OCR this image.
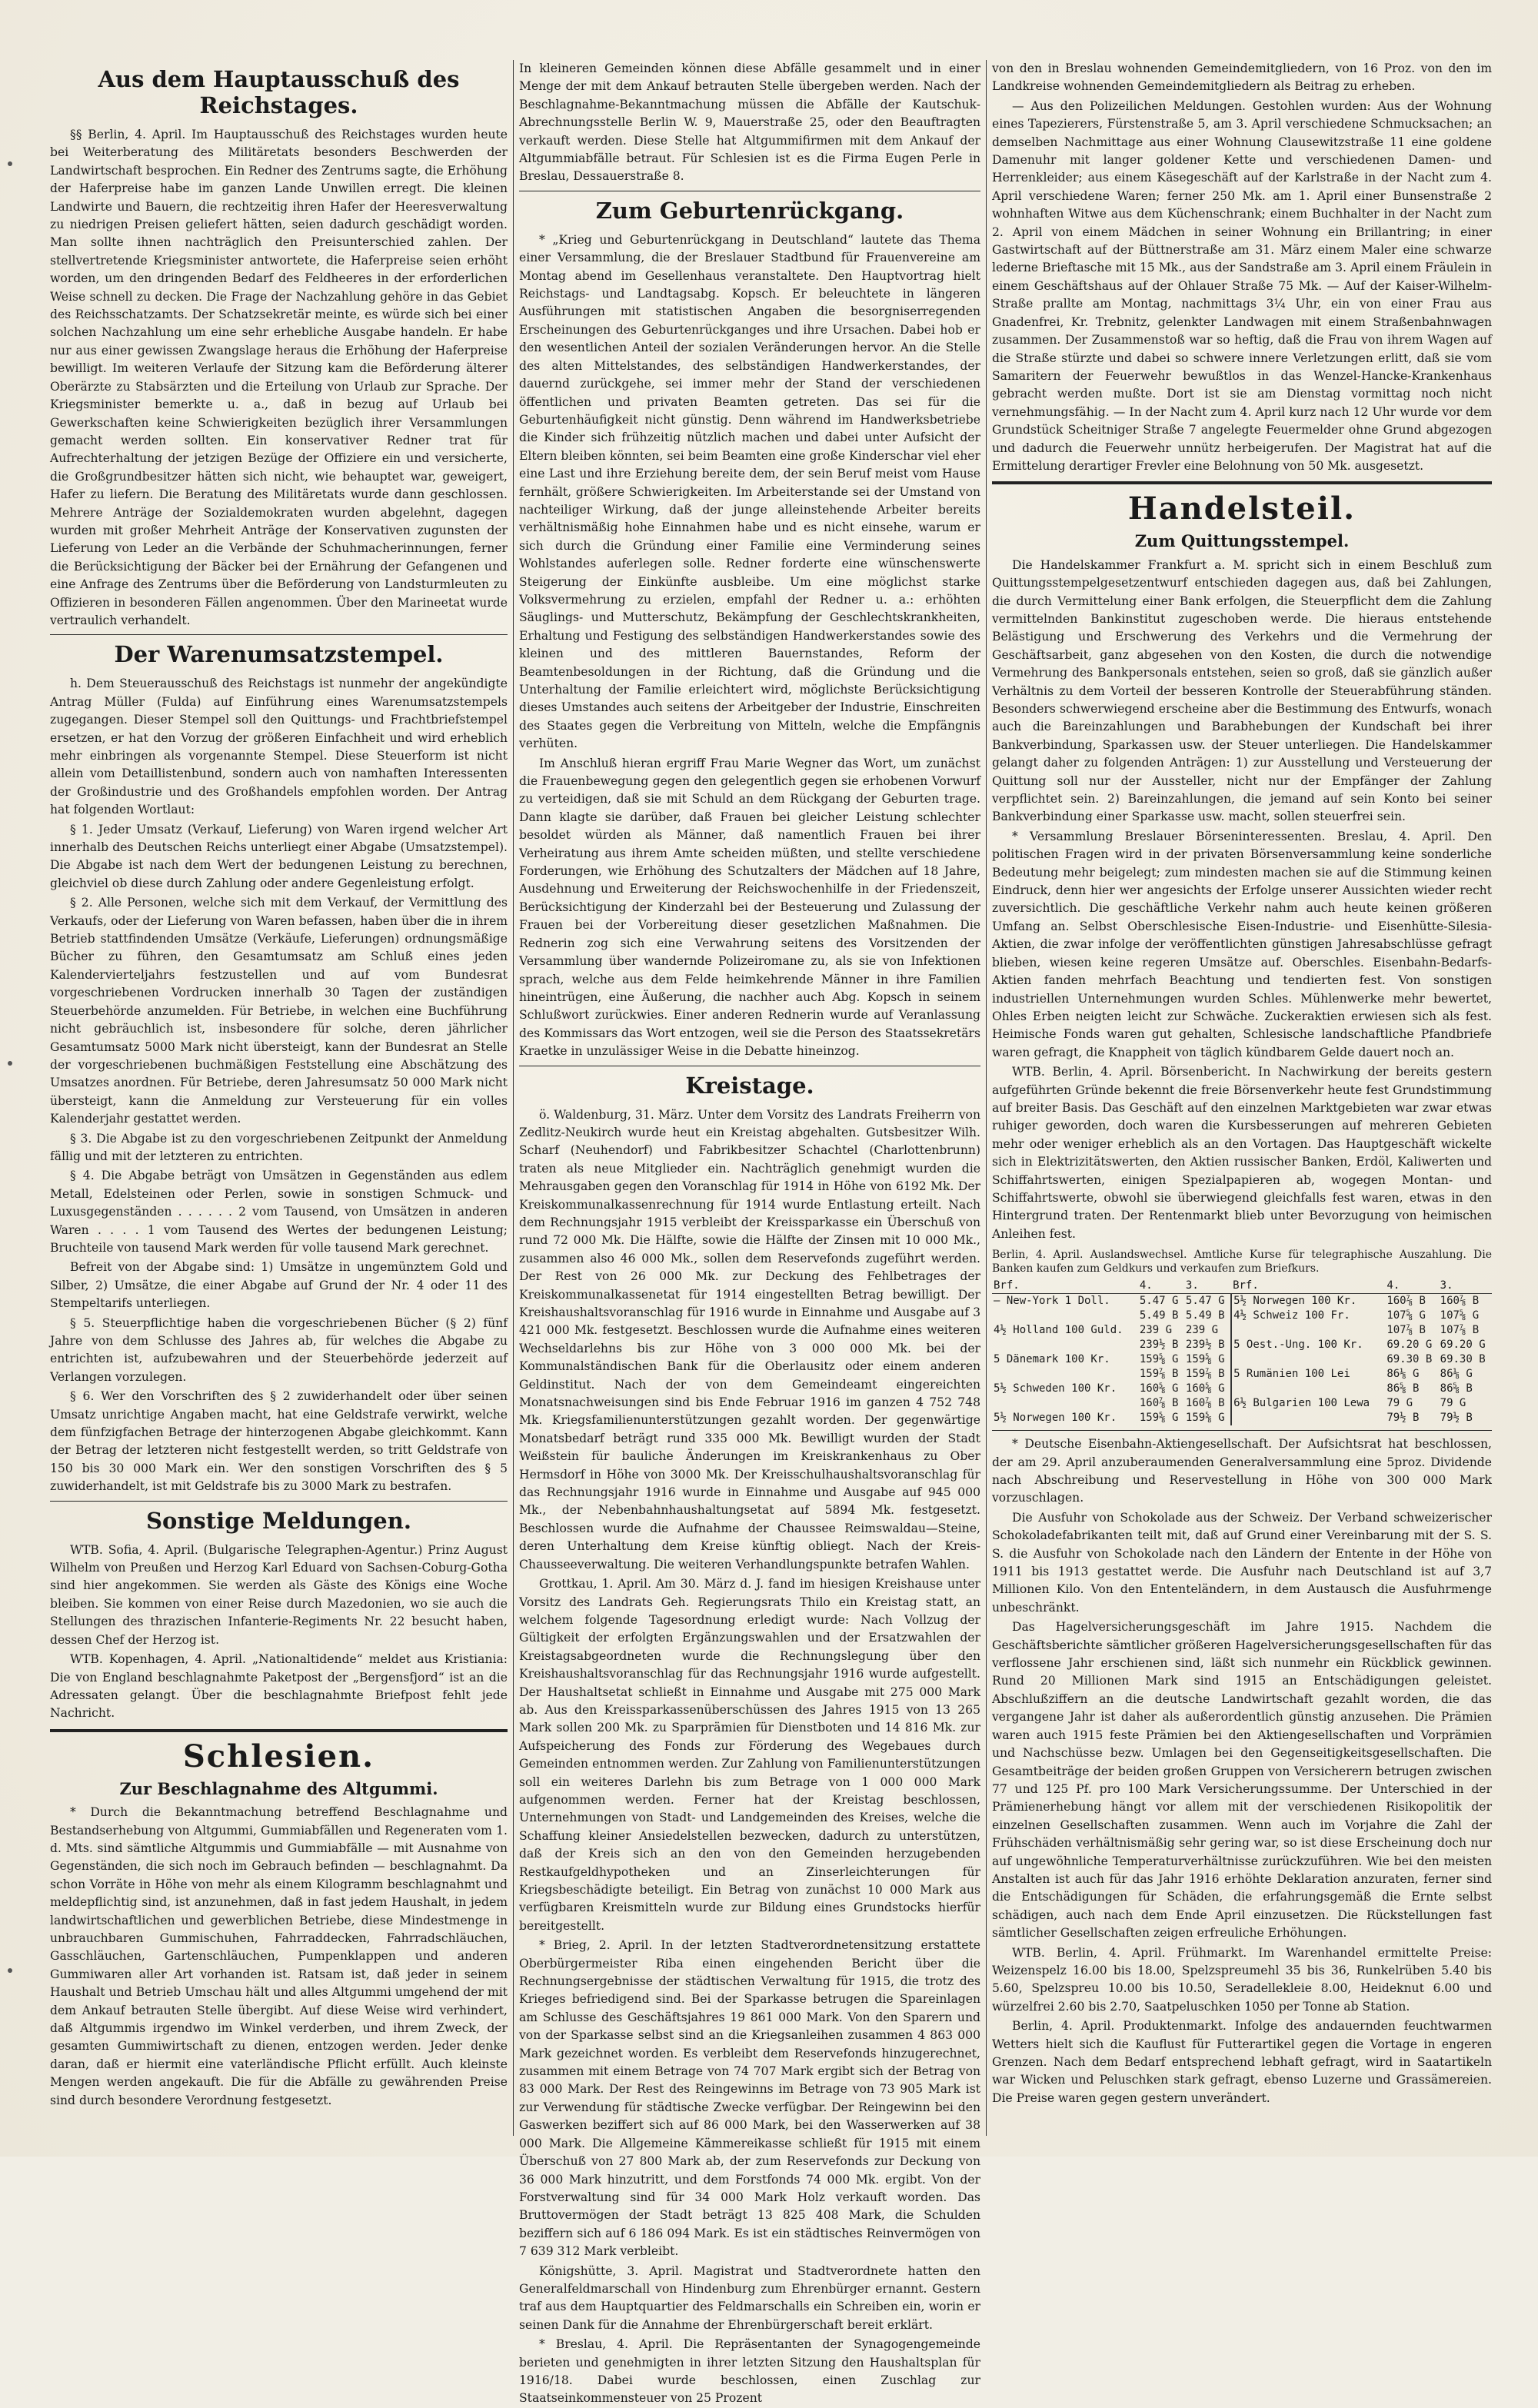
Aus dem Hauptausschuß des Reichstages.

§§ Berlin, 4. April. Im Hauptausschuß des Reichstages wurden heute bei Weiterberatung des Militäretats besonders Beschwerden der Landwirtschaft besprochen. Ein Redner des Zentrums sagte, die Erhöhung der Haferpreise habe im ganzen Lande Unwillen erregt. Die kleinen Landwirte und Bauern, die rechtzeitig ihren Hafer der Heeresverwaltung zu niedrigen Preisen geliefert hätten, seien dadurch geschädigt worden. Man sollte ihnen nachträglich den Preisunterschied zahlen. Der stellvertretende Kriegsminister antwortete, die Haferpreise seien erhöht worden, um den dringenden Bedarf des Feldheeres in der erforderlichen Weise schnell zu decken. Die Frage der Nachzahlung gehöre in das Gebiet des Reichsschatzamts. Der Schatzsekretär meinte, es würde sich bei einer solchen Nachzahlung um eine sehr erhebliche Ausgabe handeln. Er habe nur aus einer gewissen Zwangslage heraus die Erhöhung der Haferpreise bewilligt. Im weiteren Verlaufe der Sitzung kam die Beförderung älterer Oberärzte zu Stabsärzten und die Erteilung von Urlaub zur Sprache. Der Kriegsminister bemerkte u. a., daß in bezug auf Urlaub bei Gewerkschaften keine Schwierigkeiten bezüglich ihrer Versammlungen gemacht werden sollten. Ein konservativer Redner trat für Aufrechterhaltung der jetzigen Bezüge der Offiziere ein und versicherte, die Großgrundbesitzer hätten sich nicht, wie behauptet war, geweigert, Hafer zu liefern. Die Beratung des Militäretats wurde dann geschlossen. Mehrere Anträge der Sozialdemokraten wurden abgelehnt, dagegen wurden mit großer Mehrheit Anträge der Konservativen zugunsten der Lieferung von Leder an die Verbände der Schuhmacherinnungen, ferner die Berücksichtigung der Bäcker bei der Ernährung der Gefangenen und eine Anfrage des Zentrums über die Beförderung von Landsturmleuten zu Offizieren in besonderen Fällen angenommen. Über den Marineetat wurde vertraulich verhandelt.

Der Warenumsatzstempel.

h. Dem Steuerausschuß des Reichstags ist nunmehr der angekündigte Antrag Müller (Fulda) auf Einführung eines Warenumsatzstempels zugegangen. Dieser Stempel soll den Quittungs- und Frachtbriefstempel ersetzen, er hat den Vorzug der größeren Einfachheit und wird erheblich mehr einbringen als vorgenannte Stempel. Diese Steuerform ist nicht allein vom Detaillistenbund, sondern auch von namhaften Interessenten der Großindustrie und des Großhandels empfohlen worden. Der Antrag hat folgenden Wortlaut:

§ 1. Jeder Umsatz (Verkauf, Lieferung) von Waren irgend welcher Art innerhalb des Deutschen Reichs unterliegt einer Abgabe (Umsatzstempel). Die Abgabe ist nach dem Wert der bedungenen Leistung zu berechnen, gleichviel ob diese durch Zahlung oder andere Gegenleistung erfolgt.

§ 2. Alle Personen, welche sich mit dem Verkauf, der Vermittlung des Verkaufs, oder der Lieferung von Waren befassen, haben über die in ihrem Betrieb stattfindenden Umsätze (Verkäufe, Lieferungen) ordnungsmäßige Bücher zu führen, den Gesamtumsatz am Schluß eines jeden Kalendervierteljahrs festzustellen und auf vom Bundesrat vorgeschriebenen Vordrucken innerhalb 30 Tagen der zuständigen Steuerbehörde anzumelden. Für Betriebe, in welchen eine Buchführung nicht gebräuchlich ist, insbesondere für solche, deren jährlicher Gesamtumsatz 5000 Mark nicht übersteigt, kann der Bundesrat an Stelle der vorgeschriebenen buchmäßigen Feststellung eine Abschätzung des Umsatzes anordnen. Für Betriebe, deren Jahresumsatz 50 000 Mark nicht übersteigt, kann die Anmeldung zur Versteuerung für ein volles Kalenderjahr gestattet werden.

§ 3. Die Abgabe ist zu den vorgeschriebenen Zeitpunkt der Anmeldung fällig und mit der letzteren zu entrichten.

§ 4. Die Abgabe beträgt von Umsätzen in Gegenständen aus edlem Metall, Edelsteinen oder Perlen, sowie in sonstigen Schmuck- und Luxusgegenständen . . . . . . 2 vom Tausend, von Umsätzen in anderen Waren . . . . 1 vom Tausend des Wertes der bedungenen Leistung; Bruchteile von tausend Mark werden für volle tausend Mark gerechnet.

Befreit von der Abgabe sind: 1) Umsätze in ungemünztem Gold und Silber, 2) Umsätze, die einer Abgabe auf Grund der Nr. 4 oder 11 des Stempeltarifs unterliegen.

§ 5. Steuerpflichtige haben die vorgeschriebenen Bücher (§ 2) fünf Jahre von dem Schlusse des Jahres ab, für welches die Abgabe zu entrichten ist, aufzubewahren und der Steuerbehörde jederzeit auf Verlangen vorzulegen.

§ 6. Wer den Vorschriften des § 2 zuwiderhandelt oder über seinen Umsatz unrichtige Angaben macht, hat eine Geldstrafe verwirkt, welche dem fünfzigfachen Betrage der hinterzogenen Abgabe gleichkommt. Kann der Betrag der letzteren nicht festgestellt werden, so tritt Geldstrafe von 150 bis 30 000 Mark ein. Wer den sonstigen Vorschriften des § 5 zuwiderhandelt, ist mit Geldstrafe bis zu 3000 Mark zu bestrafen.

Sonstige Meldungen.

WTB. Sofia, 4. April. (Bulgarische Telegraphen-Agentur.) Prinz August Wilhelm von Preußen und Herzog Karl Eduard von Sachsen-Coburg-Gotha sind hier angekommen. Sie werden als Gäste des Königs eine Woche bleiben. Sie kommen von einer Reise durch Mazedonien, wo sie auch die Stellungen des thrazischen Infanterie-Regiments Nr. 22 besucht haben, dessen Chef der Herzog ist.

WTB. Kopenhagen, 4. April. „Nationaltidende“ meldet aus Kristiania: Die von England beschlagnahmte Paketpost der „Bergensfjord“ ist an die Adressaten gelangt. Über die beschlagnahmte Briefpost fehlt jede Nachricht.

Schlesien.
Zur Beschlagnahme des Altgummi.

* Durch die Bekanntmachung betreffend Beschlagnahme und Bestandserhebung von Altgummi, Gummiabfällen und Regeneraten vom 1. d. Mts. sind sämtliche Altgummis und Gummiabfälle — mit Ausnahme von Gegenständen, die sich noch im Gebrauch befinden — beschlagnahmt. Da schon Vorräte in Höhe von mehr als einem Kilogramm beschlagnahmt und meldepflichtig sind, ist anzunehmen, daß in fast jedem Haushalt, in jedem landwirtschaftlichen und gewerblichen Betriebe, diese Mindestmenge in unbrauchbaren Gummischuhen, Fahrraddecken, Fahrradschläuchen, Gasschläuchen, Gartenschläuchen, Pumpenklappen und anderen Gummiwaren aller Art vorhanden ist. Ratsam ist, daß jeder in seinem Haushalt und Betrieb Umschau hält und alles Altgummi umgehend der mit dem Ankauf betrauten Stelle übergibt. Auf diese Weise wird verhindert, daß Altgummis irgendwo im Winkel verderben, und ihrem Zweck, der gesamten Gummiwirtschaft zu dienen, entzogen werden. Jeder denke daran, daß er hiermit eine vaterländische Pflicht erfüllt. Auch kleinste Mengen werden angekauft. Die für die Abfälle zu gewährenden Preise sind durch besondere Verordnung festgesetzt.

In kleineren Gemeinden können diese Abfälle gesammelt und in einer Menge der mit dem Ankauf betrauten Stelle übergeben werden. Nach der Beschlagnahme-Bekanntmachung müssen die Abfälle der Kautschuk-Abrechnungsstelle Berlin W. 9, Mauerstraße 25, oder den Beauftragten verkauft werden. Diese Stelle hat Altgummifirmen mit dem Ankauf der Altgummiabfälle betraut. Für Schlesien ist es die Firma Eugen Perle in Breslau, Dessauerstraße 8.

Zum Geburtenrückgang.

* „Krieg und Geburtenrückgang in Deutschland“ lautete das Thema einer Versammlung, die der Breslauer Stadtbund für Frauenvereine am Montag abend im Gesellenhaus veranstaltete. Den Hauptvortrag hielt Reichstags- und Landtagsabg. Kopsch. Er beleuchtete in längeren Ausführungen mit statistischen Angaben die besorgniserregenden Erscheinungen des Geburtenrückganges und ihre Ursachen. Dabei hob er den wesentlichen Anteil der sozialen Veränderungen hervor. An die Stelle des alten Mittelstandes, des selbständigen Handwerkerstandes, der dauernd zurückgehe, sei immer mehr der Stand der verschiedenen öffentlichen und privaten Beamten getreten. Das sei für die Geburtenhäufigkeit nicht günstig. Denn während im Handwerksbetriebe die Kinder sich frühzeitig nützlich machen und dabei unter Aufsicht der Eltern bleiben könnten, sei beim Beamten eine große Kinderschar viel eher eine Last und ihre Erziehung bereite dem, der sein Beruf meist vom Hause fernhält, größere Schwierigkeiten. Im Arbeiterstande sei der Umstand von nachteiliger Wirkung, daß der junge alleinstehende Arbeiter bereits verhältnismäßig hohe Einnahmen habe und es nicht einsehe, warum er sich durch die Gründung einer Familie eine Verminderung seines Wohlstandes auferlegen solle. Redner forderte eine wünschenswerte Steigerung der Einkünfte ausbleibe. Um eine möglichst starke Volksvermehrung zu erzielen, empfahl der Redner u. a.: erhöhten Säuglings- und Mutterschutz, Bekämpfung der Geschlechtskrankheiten, Erhaltung und Festigung des selbständigen Handwerkerstandes sowie des kleinen und des mittleren Bauernstandes, Reform der Beamtenbesoldungen in der Richtung, daß die Gründung und die Unterhaltung der Familie erleichtert wird, möglichste Berücksichtigung dieses Umstandes auch seitens der Arbeitgeber der Industrie, Einschreiten des Staates gegen die Verbreitung von Mitteln, welche die Empfängnis verhüten.

Im Anschluß hieran ergriff Frau Marie Wegner das Wort, um zunächst die Frauenbewegung gegen den gelegentlich gegen sie erhobenen Vorwurf zu verteidigen, daß sie mit Schuld an dem Rückgang der Geburten trage. Dann klagte sie darüber, daß Frauen bei gleicher Leistung schlechter besoldet würden als Männer, daß namentlich Frauen bei ihrer Verheiratung aus ihrem Amte scheiden müßten, und stellte verschiedene Forderungen, wie Erhöhung des Schutzalters der Mädchen auf 18 Jahre, Ausdehnung und Erweiterung der Reichswochenhilfe in der Friedenszeit, Berücksichtigung der Kinderzahl bei der Besteuerung und Zulassung der Frauen bei der Vorbereitung dieser gesetzlichen Maßnahmen. Die Rednerin zog sich eine Verwahrung seitens des Vorsitzenden der Versammlung über wandernde Polizeiromane zu, als sie von Infektionen sprach, welche aus dem Felde heimkehrende Männer in ihre Familien hineintrügen, eine Äußerung, die nachher auch Abg. Kopsch in seinem Schlußwort zurückwies. Einer anderen Rednerin wurde auf Veranlassung des Kommissars das Wort entzogen, weil sie die Person des Staatssekretärs Kraetke in unzulässiger Weise in die Debatte hineinzog.

Kreistage.

ö. Waldenburg, 31. März. Unter dem Vorsitz des Landrats Freiherrn von Zedlitz-Neukirch wurde heut ein Kreistag abgehalten. Gutsbesitzer Wilh. Scharf (Neuhendorf) und Fabrikbesitzer Schachtel (Charlottenbrunn) traten als neue Mitglieder ein. Nachträglich genehmigt wurden die Mehrausgaben gegen den Voranschlag für 1914 in Höhe von 6192 Mk. Der Kreiskommunalkassenrechnung für 1914 wurde Entlastung erteilt. Nach dem Rechnungsjahr 1915 verbleibt der Kreissparkasse ein Überschuß von rund 72 000 Mk. Die Hälfte, sowie die Hälfte der Zinsen mit 10 000 Mk., zusammen also 46 000 Mk., sollen dem Reservefonds zugeführt werden. Der Rest von 26 000 Mk. zur Deckung des Fehlbetrages der Kreiskommunalkassenetat für 1914 eingestellten Betrag bewilligt. Der Kreishaushaltsvoranschlag für 1916 wurde in Einnahme und Ausgabe auf 3 421 000 Mk. festgesetzt. Beschlossen wurde die Aufnahme eines weiteren Wechseldarlehns bis zur Höhe von 3 000 000 Mk. bei der Kommunalständischen Bank für die Oberlausitz oder einem anderen Geldinstitut. Nach der von dem Gemeindeamt eingereichten Monatsnachweisungen sind bis Ende Februar 1916 im ganzen 4 752 748 Mk. Kriegsfamilienunterstützungen gezahlt worden. Der gegenwärtige Monatsbedarf beträgt rund 335 000 Mk. Bewilligt wurden der Stadt Weißstein für bauliche Änderungen im Kreiskrankenhaus zu Ober Hermsdorf in Höhe von 3000 Mk. Der Kreisschulhaushaltsvoranschlag für das Rechnungsjahr 1916 wurde in Einnahme und Ausgabe auf 945 000 Mk., der Nebenbahnhaushaltungsetat auf 5894 Mk. festgesetzt. Beschlossen wurde die Aufnahme der Chaussee Reimswaldau—Steine, deren Unterhaltung dem Kreise künftig obliegt. Nach der Kreis-Chausseeverwaltung. Die weiteren Verhandlungspunkte betrafen Wahlen.

Grottkau, 1. April. Am 30. März d. J. fand im hiesigen Kreishause unter Vorsitz des Landrats Geh. Regierungsrats Thilo ein Kreistag statt, an welchem folgende Tagesordnung erledigt wurde: Nach Vollzug der Gültigkeit der erfolgten Ergänzungswahlen und der Ersatzwahlen der Kreistagsabgeordneten wurde die Rechnungslegung über den Kreishaushaltsvoranschlag für das Rechnungsjahr 1916 wurde aufgestellt. Der Haushaltsetat schließt in Einnahme und Ausgabe mit 275 000 Mark ab. Aus den Kreissparkassenüberschüssen des Jahres 1915 von 13 265 Mark sollen 200 Mk. zu Sparprämien für Dienstboten und 14 816 Mk. zur Aufspeicherung des Fonds zur Förderung des Wegebaues durch Gemeinden entnommen werden. Zur Zahlung von Familienunterstützungen soll ein weiteres Darlehn bis zum Betrage von 1 000 000 Mark aufgenommen werden. Ferner hat der Kreistag beschlossen, Unternehmungen von Stadt- und Landgemeinden des Kreises, welche die Schaffung kleiner Ansiedelstellen bezwecken, dadurch zu unterstützen, daß der Kreis sich an den von den Gemeinden herzugebenden Restkaufgeldhypotheken und an Zinserleichterungen für Kriegsbeschädigte beteiligt. Ein Betrag von zunächst 10 000 Mark aus verfügbaren Kreismitteln wurde zur Bildung eines Grundstocks hierfür bereitgestellt.

* Brieg, 2. April. In der letzten Stadtverordnetensitzung erstattete Oberbürgermeister Riba einen eingehenden Bericht über die Rechnungsergebnisse der städtischen Verwaltung für 1915, die trotz des Krieges befriedigend sind. Bei der Sparkasse betrugen die Spareinlagen am Schlusse des Geschäftsjahres 19 861 000 Mark. Von den Sparern und von der Sparkasse selbst sind an die Kriegsanleihen zusammen 4 863 000 Mark gezeichnet worden. Es verbleibt dem Reservefonds hinzugerechnet, zusammen mit einem Betrage von 74 707 Mark ergibt sich der Betrag von 83 000 Mark. Der Rest des Reingewinns im Betrage von 73 905 Mark ist zur Verwendung für städtische Zwecke verfügbar. Der Reingewinn bei den Gaswerken beziffert sich auf 86 000 Mark, bei den Wasserwerken auf 38 000 Mark. Die Allgemeine Kämmereikasse schließt für 1915 mit einem Überschuß von 27 800 Mark ab, der zum Reservefonds zur Deckung von 36 000 Mark hinzutritt, und dem Forstfonds 74 000 Mk. ergibt. Von der Forstverwaltung sind für 34 000 Mark Holz verkauft worden. Das Bruttovermögen der Stadt beträgt 13 825 408 Mark, die Schulden beziffern sich auf 6 186 094 Mark. Es ist ein städtisches Reinvermögen von 7 639 312 Mark verbleibt.

Königshütte, 3. April. Magistrat und Stadtverordnete hatten den Generalfeldmarschall von Hindenburg zum Ehrenbürger ernannt. Gestern traf aus dem Hauptquartier des Feldmarschalls ein Schreiben ein, worin er seinen Dank für die Annahme der Ehrenbürgerschaft bereit erklärt.

* Breslau, 4. April. Die Repräsentanten der Synagogengemeinde berieten und genehmigten in ihrer letzten Sitzung den Haushaltsplan für 1916/18. Dabei wurde beschlossen, einen Zuschlag zur Staatseinkommensteuer von 25 Prozent

von den in Breslau wohnenden Gemeindemitgliedern, von 16 Proz. von den im Landkreise wohnenden Gemeindemitgliedern als Beitrag zu erheben.

— Aus den Polizeilichen Meldungen. Gestohlen wurden: Aus der Wohnung eines Tapezierers, Fürstenstraße 5, am 3. April verschiedene Schmucksachen; an demselben Nachmittage aus einer Wohnung Clausewitzstraße 11 eine goldene Damenuhr mit langer goldener Kette und verschiedenen Damen- und Herrenkleider; aus einem Käsegeschäft auf der Karlstraße in der Nacht zum 4. April verschiedene Waren; ferner 250 Mk. am 1. April einer Bunsenstraße 2 wohnhaften Witwe aus dem Küchenschrank; einem Buchhalter in der Nacht zum 2. April von einem Mädchen in seiner Wohnung ein Brillantring; in einer Gastwirtschaft auf der Büttnerstraße am 31. März einem Maler eine schwarze lederne Brieftasche mit 15 Mk., aus der Sandstraße am 3. April einem Fräulein in einem Geschäftshaus auf der Ohlauer Straße 75 Mk. — Auf der Kaiser-Wilhelm-Straße prallte am Montag, nachmittags 3¼ Uhr, ein von einer Frau aus Gnadenfrei, Kr. Trebnitz, gelenkter Landwagen mit einem Straßenbahnwagen zusammen. Der Zusammenstoß war so heftig, daß die Frau von ihrem Wagen auf die Straße stürzte und dabei so schwere innere Verletzungen erlitt, daß sie vom Samaritern der Feuerwehr bewußtlos in das Wenzel-Hancke-Krankenhaus gebracht werden mußte. Dort ist sie am Dienstag vormittag noch nicht vernehmungsfähig. — In der Nacht zum 4. April kurz nach 12 Uhr wurde vor dem Grundstück Scheitniger Straße 7 angelegte Feuermelder ohne Grund abgezogen und dadurch die Feuerwehr unnütz herbeigerufen. Der Magistrat hat auf die Ermittelung derartiger Frevler eine Belohnung von 50 Mk. ausgesetzt.

Handelsteil.
Zum Quittungsstempel.

Die Handelskammer Frankfurt a. M. spricht sich in einem Beschluß zum Quittungsstempelgesetzentwurf entschieden dagegen aus, daß bei Zahlungen, die durch Vermittelung einer Bank erfolgen, die Steuerpflicht dem die Zahlung vermittelnden Bankinstitut zugeschoben werde. Die hieraus entstehende Belästigung und Erschwerung des Verkehrs und die Vermehrung der Geschäftsarbeit, ganz abgesehen von den Kosten, die durch die notwendige Vermehrung des Bankpersonals entstehen, seien so groß, daß sie gänzlich außer Verhältnis zu dem Vorteil der besseren Kontrolle der Steuerabführung ständen. Besonders schwerwiegend erscheine aber die Bestimmung des Entwurfs, wonach auch die Bareinzahlungen und Barabhebungen der Kundschaft bei ihrer Bankverbindung, Sparkassen usw. der Steuer unterliegen. Die Handelskammer gelangt daher zu folgenden Anträgen: 1) zur Ausstellung und Versteuerung der Quittung soll nur der Aussteller, nicht nur der Empfänger der Zahlung verpflichtet sein. 2) Bareinzahlungen, die jemand auf sein Konto bei seiner Bankverbindung einer Sparkasse usw. macht, sollen steuerfrei sein.

* Versammlung Breslauer Börseninteressenten. Breslau, 4. April. Den politischen Fragen wird in der privaten Börsenversammlung keine sonderliche Bedeutung mehr beigelegt; zum mindesten machen sie auf die Stimmung keinen Eindruck, denn hier wer angesichts der Erfolge unserer Aussichten wieder recht zuversichtlich. Die geschäftliche Verkehr nahm auch heute keinen größeren Umfang an. Selbst Oberschlesische Eisen-Industrie- und Eisenhütte-Silesia-Aktien, die zwar infolge der veröffentlichten günstigen Jahresabschlüsse gefragt blieben, wiesen keine regeren Umsätze auf. Oberschles. Eisenbahn-Bedarfs-Aktien fanden mehrfach Beachtung und tendierten fest. Von sonstigen industriellen Unternehmungen wurden Schles. Mühlenwerke mehr bewertet, Ohles Erben neigten leicht zur Schwäche. Zuckeraktien erwiesen sich als fest. Heimische Fonds waren gut gehalten, Schlesische landschaftliche Pfandbriefe waren gefragt, die Knappheit von täglich kündbarem Gelde dauert noch an.

WTB. Berlin, 4. April. Börsenbericht. In Nachwirkung der bereits gestern aufgeführten Gründe bekennt die freie Börsenverkehr heute fest Grundstimmung auf breiter Basis. Das Geschäft auf den einzelnen Marktgebieten war zwar etwas ruhiger geworden, doch waren die Kursbesserungen auf mehreren Gebieten mehr oder weniger erheblich als an den Vortagen. Das Hauptgeschäft wickelte sich in Elektrizitätswerten, den Aktien russischer Banken, Erdöl, Kaliwerten und Schiffahrtswerten, einigen Spezialpapieren ab, wogegen Montan- und Schiffahrtswerte, obwohl sie überwiegend gleichfalls fest waren, etwas in den Hintergrund traten. Der Rentenmarkt blieb unter Bevorzugung von heimischen Anleihen fest.

Berlin, 4. April. Auslandswechsel. Amtliche Kurse für telegraphische Auszahlung. Die Banken kaufen zum Geldkurs und verkaufen zum Briefkurs.

Brf.	4.	3.	Brf.	4.	3.
— New-York 1 Doll.	5.47 G	5.47 G	5½ Norwegen 100 Kr.	160⅞ B	160⅞ B
	5.49 B	5.49 B	4½ Schweiz 100 Fr.	107⅝ G	107⅝ G
4½ Holland 100 Guld.	239 G	239 G		107⅞ B	107⅞ B
	239½ B	239½ B	5 Oest.-Ung. 100 Kr.	69.20 G	69.20 G
5 Dänemark 100 Kr.	159⅝ G	159⅝ G		69.30 B	69.30 B
	159⅞ B	159⅞ B	5 Rumänien 100 Lei	86⅛ G	86⅛ G
5½ Schweden 100 Kr.	160⅝ G	160⅝ G		86⅝ B	86⅝ B
	160⅞ B	160⅞ B	6½ Bulgarien 100 Lewa	79 G	79 G
5½ Norwegen 100 Kr.	159⅝ G	159⅝ G		79½ B	79½ B

* Deutsche Eisenbahn-Aktiengesellschaft. Der Aufsichtsrat hat beschlossen, der am 29. April anzuberaumenden Generalversammlung eine 5proz. Dividende nach Abschreibung und Reservestellung in Höhe von 300 000 Mark vorzuschlagen.

Die Ausfuhr von Schokolade aus der Schweiz. Der Verband schweizerischer Schokoladefabrikanten teilt mit, daß auf Grund einer Vereinbarung mit der S. S. S. die Ausfuhr von Schokolade nach den Ländern der Entente in der Höhe von 1911 bis 1913 gestattet werde. Die Ausfuhr nach Deutschland ist auf 3,7 Millionen Kilo. Von den Ententeländern, in dem Austausch die Ausfuhrmenge unbeschränkt.

Das Hagelversicherungsgeschäft im Jahre 1915. Nachdem die Geschäftsberichte sämtlicher größeren Hagelversicherungsgesellschaften für das verflossene Jahr erschienen sind, läßt sich nunmehr ein Rückblick gewinnen. Rund 20 Millionen Mark sind 1915 an Entschädigungen geleistet. Abschlußziffern an die deutsche Landwirtschaft gezahlt worden, die das vergangene Jahr ist daher als außerordentlich günstig anzusehen. Die Prämien waren auch 1915 feste Prämien bei den Aktiengesellschaften und Vorprämien und Nachschüsse bezw. Umlagen bei den Gegenseitigkeitsgesellschaften. Die Gesamtbeiträge der beiden großen Gruppen von Versicherern betrugen zwischen 77 und 125 Pf. pro 100 Mark Versicherungssumme. Der Unterschied in der Prämienerhebung hängt vor allem mit der verschiedenen Risikopolitik der einzelnen Gesellschaften zusammen. Wenn auch im Vorjahre die Zahl der Frühschäden verhältnismäßig sehr gering war, so ist diese Erscheinung doch nur auf ungewöhnliche Temperaturverhältnisse zurückzuführen. Wie bei den meisten Anstalten ist auch für das Jahr 1916 erhöhte Deklaration anzuraten, ferner sind die Entschädigungen für Schäden, die erfahrungsgemäß die Ernte selbst schädigen, auch nach dem Ende April einzusetzen. Die Rückstellungen fast sämtlicher Gesellschaften zeigen erfreuliche Erhöhungen.

WTB. Berlin, 4. April. Frühmarkt. Im Warenhandel ermittelte Preise: Weizenspelz 16.00 bis 18.00, Spelzspreumehl 35 bis 36, Runkelrüben 5.40 bis 5.60, Spelzspreu 10.00 bis 10.50, Seradellekleie 8.00, Heideknut 6.00 und würzelfrei 2.60 bis 2.70, Saatpeluschken 1050 per Tonne ab Station.

Berlin, 4. April. Produktenmarkt. Infolge des andauernden feuchtwarmen Wetters hielt sich die Kauflust für Futterartikel gegen die Vortage in engeren Grenzen. Nach dem Bedarf entsprechend lebhaft gefragt, wird in Saatartikeln war Wicken und Peluschken stark gefragt, ebenso Luzerne und Grassämereien. Die Preise waren gegen gestern unverändert.
